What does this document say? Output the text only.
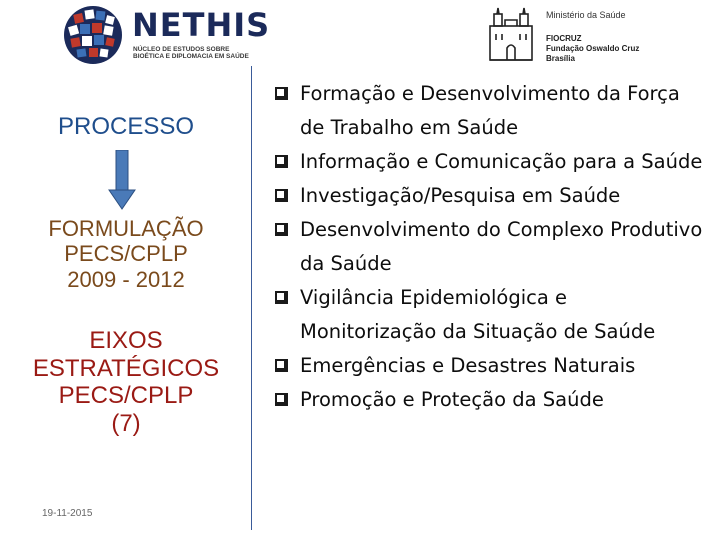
NETHIS
NÚCLEO DE ESTUDOS SOBRE
BIOÉTICA E DIPLOMACIA EM SAÚDE
Ministério da Saúde
FIOCRUZ
Fundação Oswaldo Cruz
Brasília
PROCESSO
FORMULAÇÃO
PECS/CPLP
2009 - 2012
EIXOS
ESTRATÉGICOS
PECS/CPLP
(7)
19-11-2015
Formação e Desenvolvimento da Força de Trabalho em Saúde
Informação e Comunicação para a Saúde
Investigação/Pesquisa em Saúde
Desenvolvimento do Complexo Produtivo da Saúde
Vigilância Epidemiológica e Monitorização da Situação de Saúde
Emergências e Desastres Naturais
Promoção e Proteção da Saúde
